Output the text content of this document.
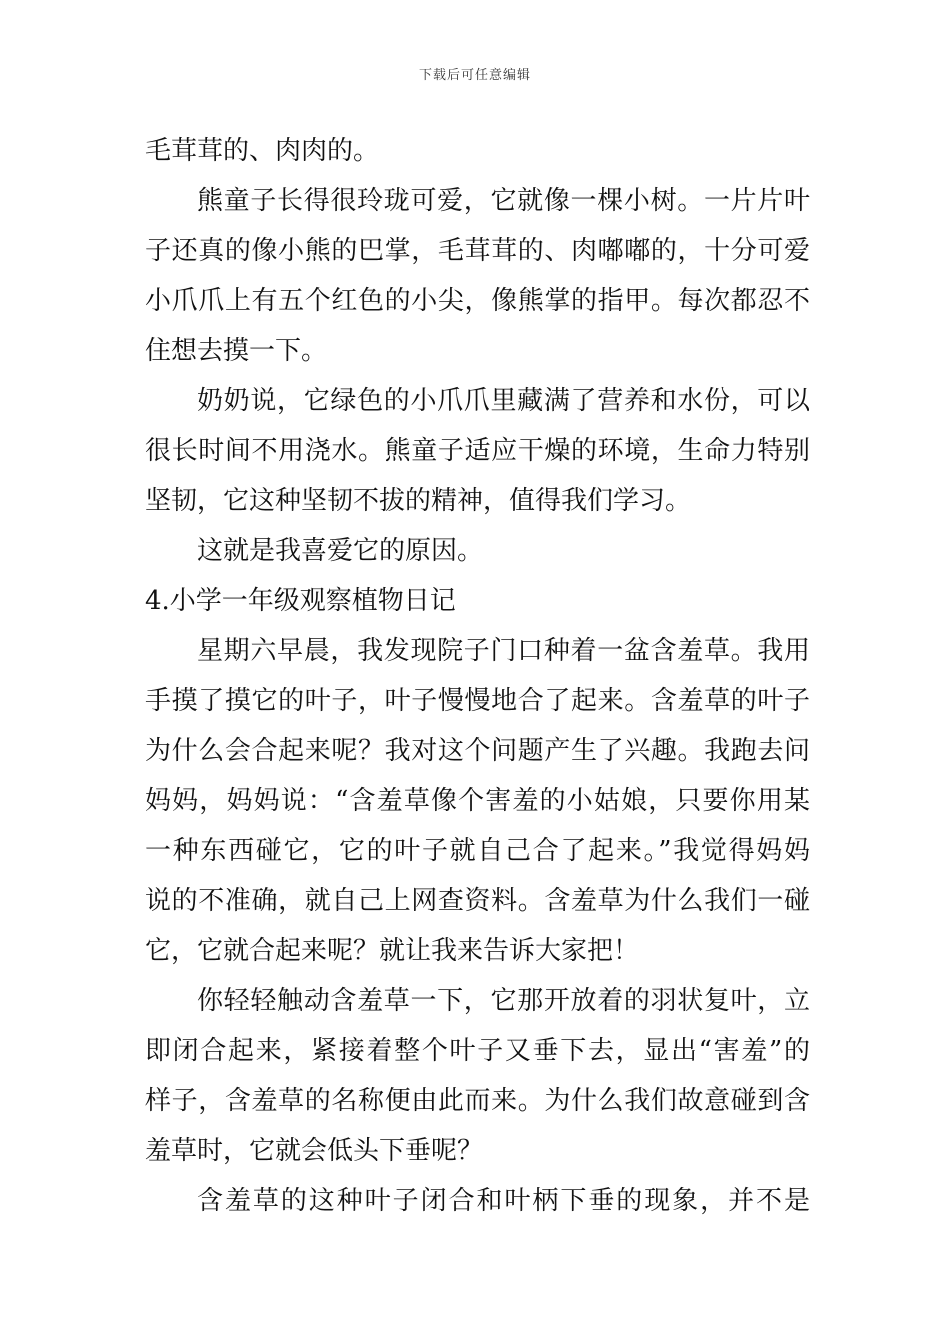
下载后可任意编辑
毛茸茸的、肉肉的。
熊童子长得很玲珑可爱，它就像一棵小树。一片片叶
子还真的像小熊的巴掌，毛茸茸的、肉嘟嘟的，十分可爱
小爪爪上有五个红色的小尖，像熊掌的指甲。每次都忍不
住想去摸一下。
奶奶说，它绿色的小爪爪里藏满了营养和水份，可以
很长时间不用浇水。熊童子适应干燥的环境，生命力特别
坚韧，它这种坚韧不拔的精神，值得我们学习。
这就是我喜爱它的原因。
4.小学一年级观察植物日记
星期六早晨，我发现院子门口种着一盆含羞草。我用
手摸了摸它的叶子，叶子慢慢地合了起来。含羞草的叶子
为什么会合起来呢？我对这个问题产生了兴趣。我跑去问
妈妈，妈妈说：“含羞草像个害羞的小姑娘，只要你用某
一种东西碰它，它的叶子就自己合了起来。”我觉得妈妈
说的不准确，就自己上网查资料。含羞草为什么我们一碰
它，它就合起来呢？就让我来告诉大家把！
你轻轻触动含羞草一下，它那开放着的羽状复叶，立
即闭合起来，紧接着整个叶子又垂下去，显出“害羞”的
样子，含羞草的名称便由此而来。为什么我们故意碰到含
羞草时，它就会低头下垂呢？
含羞草的这种叶子闭合和叶柄下垂的现象，并不是
